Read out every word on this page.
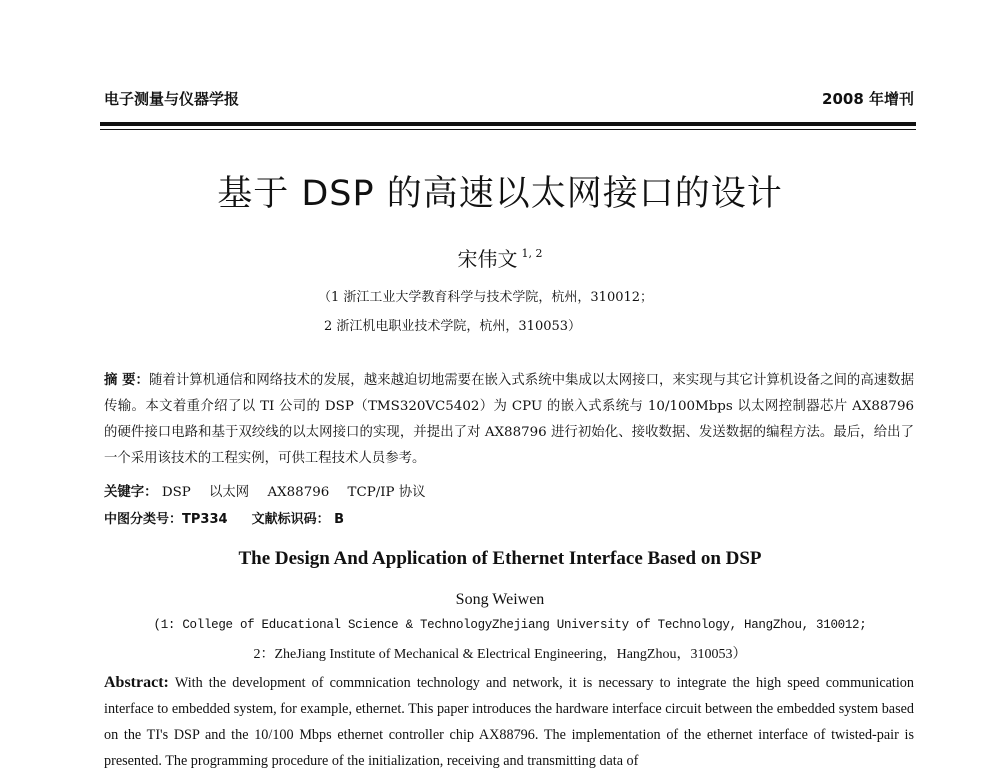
电子测量与仪器学报	2008 年增刊
基于 DSP 的高速以太网接口的设计
宋伟文 $^{1, 2}$
（1 浙江工业大学教育科学与技术学院，杭州，310012；
2 浙江机电职业技术学院，杭州，310053）
摘 要：随着计算机通信和网络技术的发展，越来越迫切地需要在嵌入式系统中集成以太网接口，来实现与其它计算机设备之间的高速数据传输。本文着重介绍了以 TI 公司的 DSP（TMS320VC5402）为 CPU 的嵌入式系统与 10/100Mbps 以太网控制器芯片 AX88796 的硬件接口电路和基于双绞线的以太网接口的实现，并提出了对 AX88796 进行初始化、接收数据、发送数据的编程方法。最后，给出了一个采用该技术的工程实例，可供工程技术人员参考。
关键字： DSP 以太网 AX88796 TCP/IP 协议
中图分类号：TP334 文献标识码： B
The Design And Application of Ethernet Interface Based on DSP
Song Weiwen
(1: College of Educational Science & TechnologyZhejiang University of Technology, HangZhou, 310012;
2：ZheJiang Institute of Mechanical & Electrical Engineering，HangZhou，310053）
Abstract: With the development of commnication technology and network, it is necessary to integrate the high speed communication interface to embedded system, for example, ethernet. This paper introduces the hardware interface circuit between the embedded system based on the TI's DSP and the 10/100 Mbps ethernet controller chip AX88796. The implementation of the ethernet interface of twisted-pair is presented. The programming procedure of the initialization, receiving and transmitting data of
